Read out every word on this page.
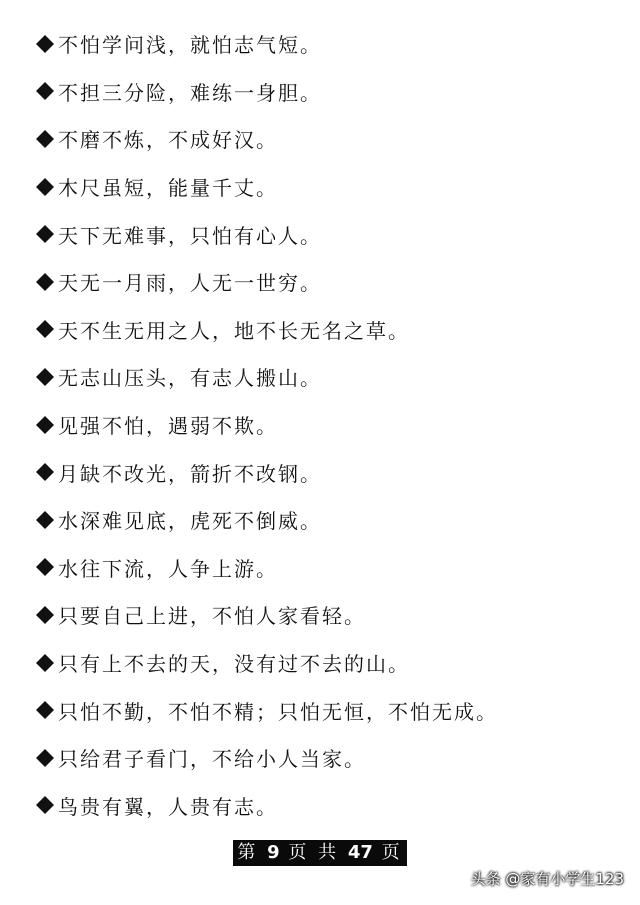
不怕学问浅，就怕志气短。
不担三分险，难练一身胆。
不磨不炼，不成好汉。
木尺虽短，能量千丈。
天下无难事，只怕有心人。
天无一月雨，人无一世穷。
天不生无用之人，地不长无名之草。
无志山压头，有志人搬山。
见强不怕，遇弱不欺。
月缺不改光，箭折不改钢。
水深难见底，虎死不倒威。
水往下流，人争上游。
只要自己上进，不怕人家看轻。
只有上不去的天，没有过不去的山。
只怕不勤，不怕不精；只怕无恒，不怕无成。
只给君子看门，不给小人当家。
鸟贵有翼，人贵有志。
第 9 页 共 47 页
头条 @家有小学生123
